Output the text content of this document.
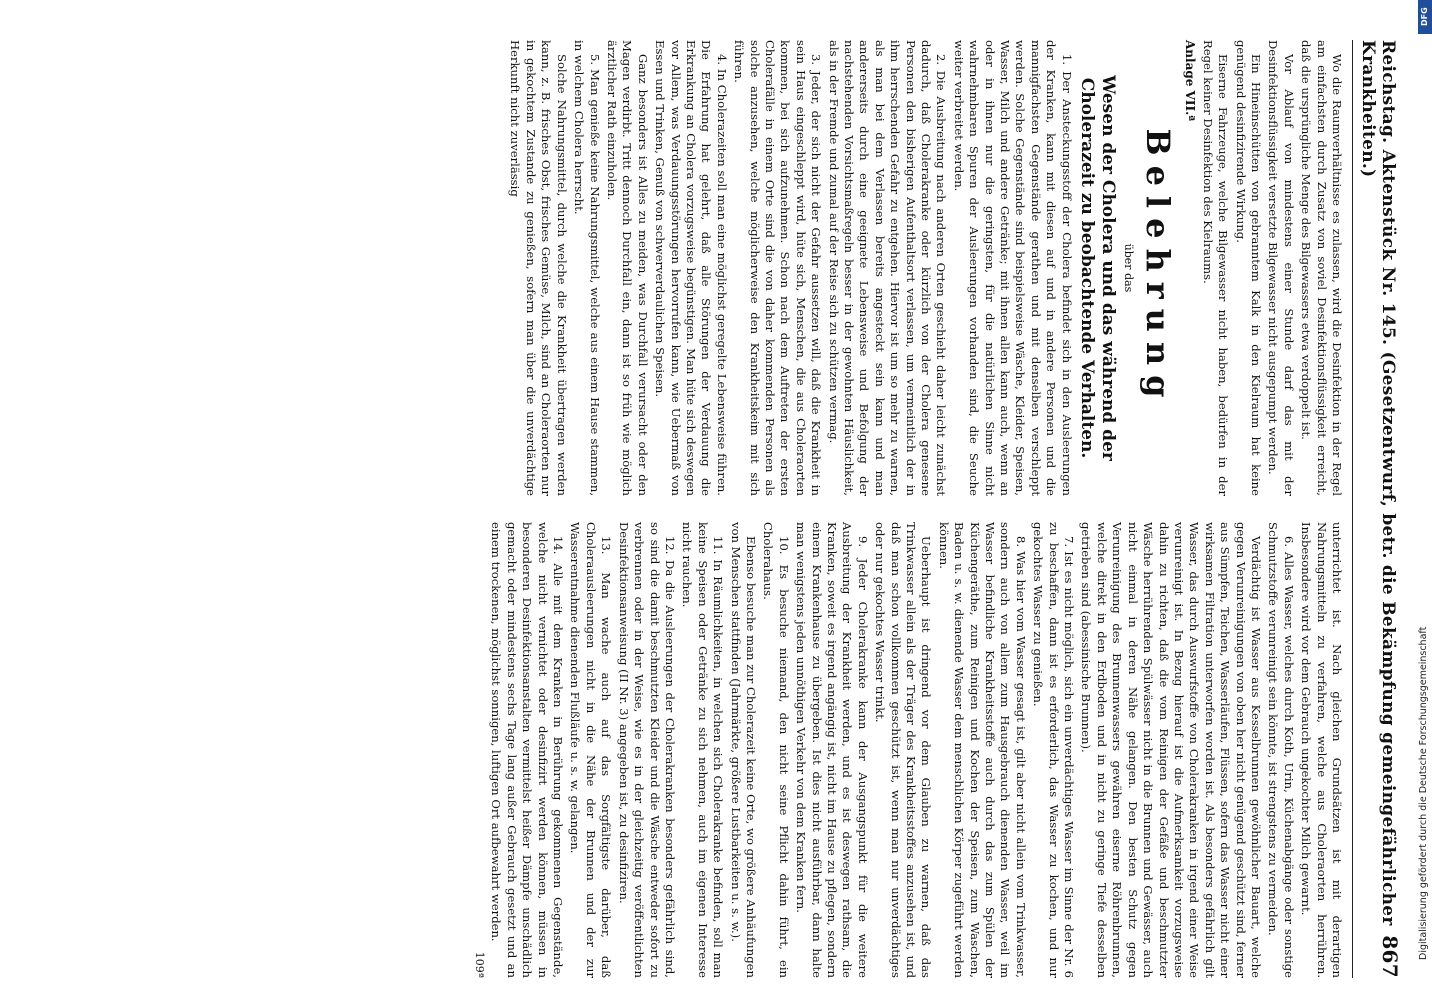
Reichstag. Aktenstück Nr. 145. (Gesetzentwurf, betr. die Bekämpfung gemeingefährlicher Krankheiten.)
867

Wo die Raumverhältnisse es zulassen, wird die Desinfektion in der Regel am einfachsten durch Zusatz von soviel Desinfektionsflüssigkeit erreicht, daß die ursprüngliche Menge des Bilgewassers etwa verdoppelt ist.

Vor Ablauf von mindestens einer Stunde darf das mit der Desinfektionsflüssigkeit versetzte Bilgewasser nicht ausgepumpt werden.

Ein Hineinschütten von gebranntem Kalk in den Kielraum hat keine genügend desinfizirende Wirkung.

Eiserne Fahrzeuge, welche Bilgewasser nicht haben, bedürfen in der Regel keiner Desinfektion des Kielraums.

Anlage VII.ª

Belehrung

über das

Wesen der Cholera und das während der Cholerazeit zu beobachtende Verhalten.

1. Der Ansteckungsstoff der Cholera befindet sich in den Ausleerungen der Kranken, kann mit diesen auf und in andere Personen und die mannigfachsten Gegenstände gerathen und mit denselben verschleppt werden. Solche Gegenstände sind beispielsweise Wäsche, Kleider, Speisen, Wasser, Milch und andere Getränke; mit ihnen allen kann auch, wenn an oder in ihnen nur die geringsten, für die natürlichen Sinne nicht wahrnehmbaren Spuren der Ausleerungen vorhanden sind, die Seuche weiter verbreitet werden.

2. Die Ausbreitung nach anderen Orten geschieht daher leicht zunächst dadurch, daß Cholerakranke oder kürzlich von der Cholera genesene Personen den bisherigen Aufenthaltsort verlassen, um vermeintlich der in ihm herrschenden Gefahr zu entgehen. Hiervor ist um so mehr zu warnen, als man bei dem Verlassen bereits angesteckt sein kann und man andererseits durch eine geeignete Lebensweise und Befolgung der nachstehenden Vorsichtsmaßregeln besser in der gewohnten Häuslichkeit, als in der Fremde und zumal auf der Reise sich zu schützen vermag.

3. Jeder, der sich nicht der Gefahr aussetzen will, daß die Krankheit in sein Haus eingeschleppt wird, hüte sich, Menschen, die aus Cholerаorten kommen, bei sich aufzunehmen. Schon nach dem Auftreten der ersten Cholerafälle in einem Orte sind die von daher kommenden Personen als solche anzusehen, welche möglicherweise den Krankheitskeim mit sich führen.

4. In Cholerazeiten soll man eine möglichst geregelte Lebensweise führen. Die Erfahrung hat gelehrt, daß alle Störungen der Verdauung die Erkrankung an Cholera vorzugsweise begünstigen. Man hüte sich deswegen vor Allem, was Verdauungsstörungen hervorrufen kann, wie Uebermaß von Essen und Trinken, Genuß von schwerverdaulichen Speisen.

Ganz besonders ist Alles zu meiden, was Durchfall verursacht oder den Magen verdirbt. Tritt dennoch Durchfall ein, dann ist so früh wie möglich ärztlicher Rath einzuholen.

5. Man genieße keine Nahrungsmittel, welche aus einem Hause stammen, in welchem Cholera herrscht.

Solche Nahrungsmittel, durch welche die Krankheit übertragen werden kann, z. B. frisches Obst, frisches Gemüse, Milch, sind an Cholerаorten nur in gekochtem Zustande zu genießen, sofern man über die unverdächtige Herkunft nicht zuverlässig

unterrichtet ist. Nach gleichen Grundsätzen ist mit derartigen Nahrungsmitteln zu verfahren, welche aus Choleraorten herrühren. Insbesondere wird vor dem Gebrauch ungekochter Milch gewarnt.

6. Alles Wasser, welches durch Koth, Urin, Küchenabgänge oder sonstige Schmutzstoffe verunreinigt sein könnte, ist strengstens zu vermeiden.

Verdächtig ist Wasser aus Kesselbrunnen gewöhnlicher Bauart, welche gegen Verunreinigungen von oben her nicht genügend geschützt sind, ferner aus Sümpfen, Teichen, Wasserläufen, Flüssen, sofern das Wasser nicht einer wirksamen Filtration unterworfen worden ist. Als besonders gefährlich gilt Wasser, das durch Auswurfstoffe von Cholerakranken in irgend einer Weise verunreinigt ist. In Bezug hierauf ist die Aufmerksamkeit vorzugsweise dahin zu richten, daß die vom Reinigen der Gefäße und beschmutzter Wäsche herrührenden Spülwässer nicht in die Brunnen und Gewässer, auch nicht einmal in deren Nähe gelangen. Den besten Schutz gegen Verunreinigung des Brunnenwassers gewähren eiserne Röhrenbrunnen, welche direkt in den Erdboden und in nicht zu geringe Tiefe desselben getrieben sind (abessinische Brunnen).

7. Ist es nicht möglich, sich ein unverdächtiges Wasser im Sinne der Nr. 6 zu beschaffen, dann ist es erforderlich, das Wasser zu kochen, und nur gekochtes Wasser zu genießen.

8. Was hier vom Wasser gesagt ist, gilt aber nicht allein vom Trinkwasser, sondern auch von allem zum Hausgebrauch dienenden Wasser, weil im Wasser befindliche Krankheitsstoffe auch durch das zum Spülen der Küchengeräthe, zum Reinigen und Kochen der Speisen, zum Waschen, Baden u. s. w. dienende Wasser dem menschlichen Körper zugeführt werden können.

Ueberhaupt ist dringend vor dem Glauben zu warnen, daß das Trinkwasser allein als der Träger des Krankheitsstoffes anzusehen ist, und daß man schon vollkommen geschützt ist, wenn man nur unverdächtiges oder nur gekochtes Wasser trinkt.

9. Jeder Cholerakranke kann der Ausgangspunkt für die weitere Ausbreitung der Krankheit werden, und es ist deswegen rathsam, die Kranken, soweit es irgend angängig ist, nicht im Hause zu pflegen, sondern einem Krankenhause zu übergeben. Ist dies nicht ausführbar, dann halte man wenigstens jeden unnöthigen Verkehr von dem Kranken fern.

10. Es besuche niemand, den nicht seine Pflicht dahin führt, ein Cholerahaus.

Ebenso besuche man zur Cholerazeit keine Orte, wo größere Anhäufungen von Menschen stattfinden (Jahrmärkte, größere Lustbarkeiten u. s. w.).

11. In Räumlichkeiten, in welchen sich Cholerakranke befinden, soll man keine Speisen oder Getränke zu sich nehmen, auch im eigenen Interesse nicht rauchen.

12. Da die Ausleerungen der Cholerakranken besonders gefährlich sind, so sind die damit beschmutzten Kleider und die Wäsche entweder sofort zu verbrennen oder in der Weise, wie es in der gleichzeitig veröffentlichten Desinfektionsanweisung (II Nr. 3) angegeben ist, zu desinfiziren.

13. Man wache auch auf das Sorgfältigste darüber, daß Choleraausleerungen nicht in die Nähe der Brunnen und der zur Wasserentnahme dienenden Flußläufe u. s. w. gelangen.

14. Alle mit dem Kranken in Berührung gekommenen Gegenstände, welche nicht vernichtet oder desinfizirt werden können, müssen in besonderen Desinfektionsanstalten vermittelst heißer Dämpfe unschädlich gemacht oder mindestens sechs Tage lang außer Gebrauch gesetzt und an einem trockenen, möglichst sonnigen, luftigen Ort aufbewahrt werden.

109ª

Digitalisierung gefördert durch die Deutsche Forschungsgemeinschaft
DFG
